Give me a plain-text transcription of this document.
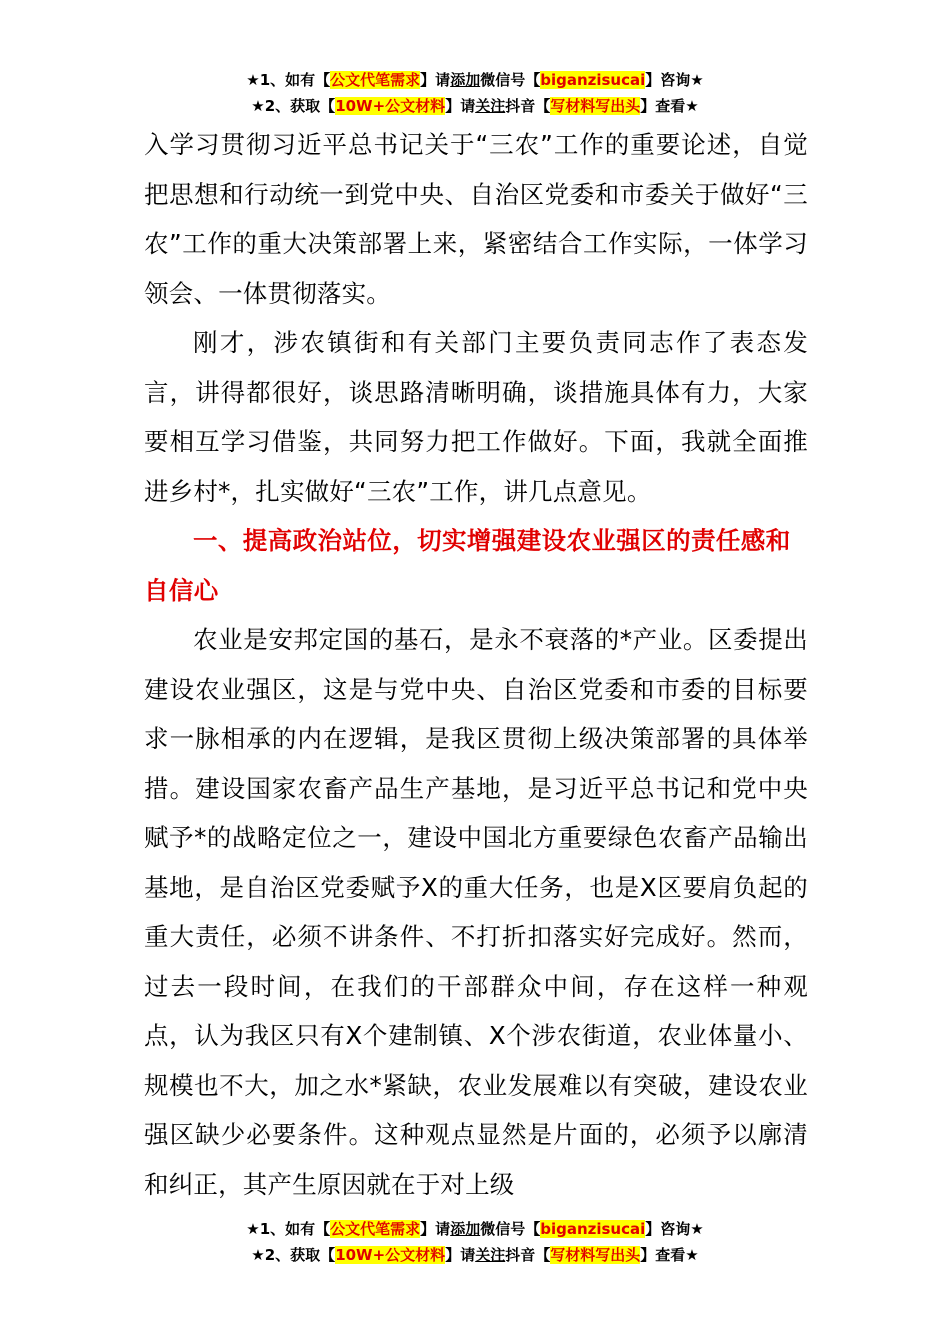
★1、如有【公文代笔需求】请添加微信号【biganzisucai】咨询★
★2、获取【10W+公文材料】请关注抖音【写材料写出头】查看★

入学习贯彻习近平总书记关于“三农”工作的重要论述，自觉把思想和行动统一到党中央、自治区党委和市委关于做好“三农”工作的重大决策部署上来，紧密结合工作实际，一体学习领会、一体贯彻落实。

刚才，涉农镇街和有关部门主要负责同志作了表态发言，讲得都很好，谈思路清晰明确，谈措施具体有力，大家要相互学习借鉴，共同努力把工作做好。下面，我就全面推进乡村*，扎实做好“三农”工作，讲几点意见。

一、提高政治站位，切实增强建设农业强区的责任感和自信心

农业是安邦定国的基石，是永不衰落的*产业。区委提出建设农业强区，这是与党中央、自治区党委和市委的目标要求一脉相承的内在逻辑，是我区贯彻上级决策部署的具体举措。建设国家农畜产品生产基地，是习近平总书记和党中央赋予*的战略定位之一，建设中国北方重要绿色农畜产品输出基地，是自治区党委赋予X的重大任务，也是X区要肩负起的重大责任，必须不讲条件、不打折扣落实好完成好。然而，过去一段时间，在我们的干部群众中间，存在这样一种观点，认为我区只有X个建制镇、X个涉农街道，农业体量小、规模也不大，加之水*紧缺，农业发展难以有突破，建设农业强区缺少必要条件。这种观点显然是片面的，必须予以廓清和纠正，其产生原因就在于对上级

★1、如有【公文代笔需求】请添加微信号【biganzisucai】咨询★
★2、获取【10W+公文材料】请关注抖音【写材料写出头】查看★
